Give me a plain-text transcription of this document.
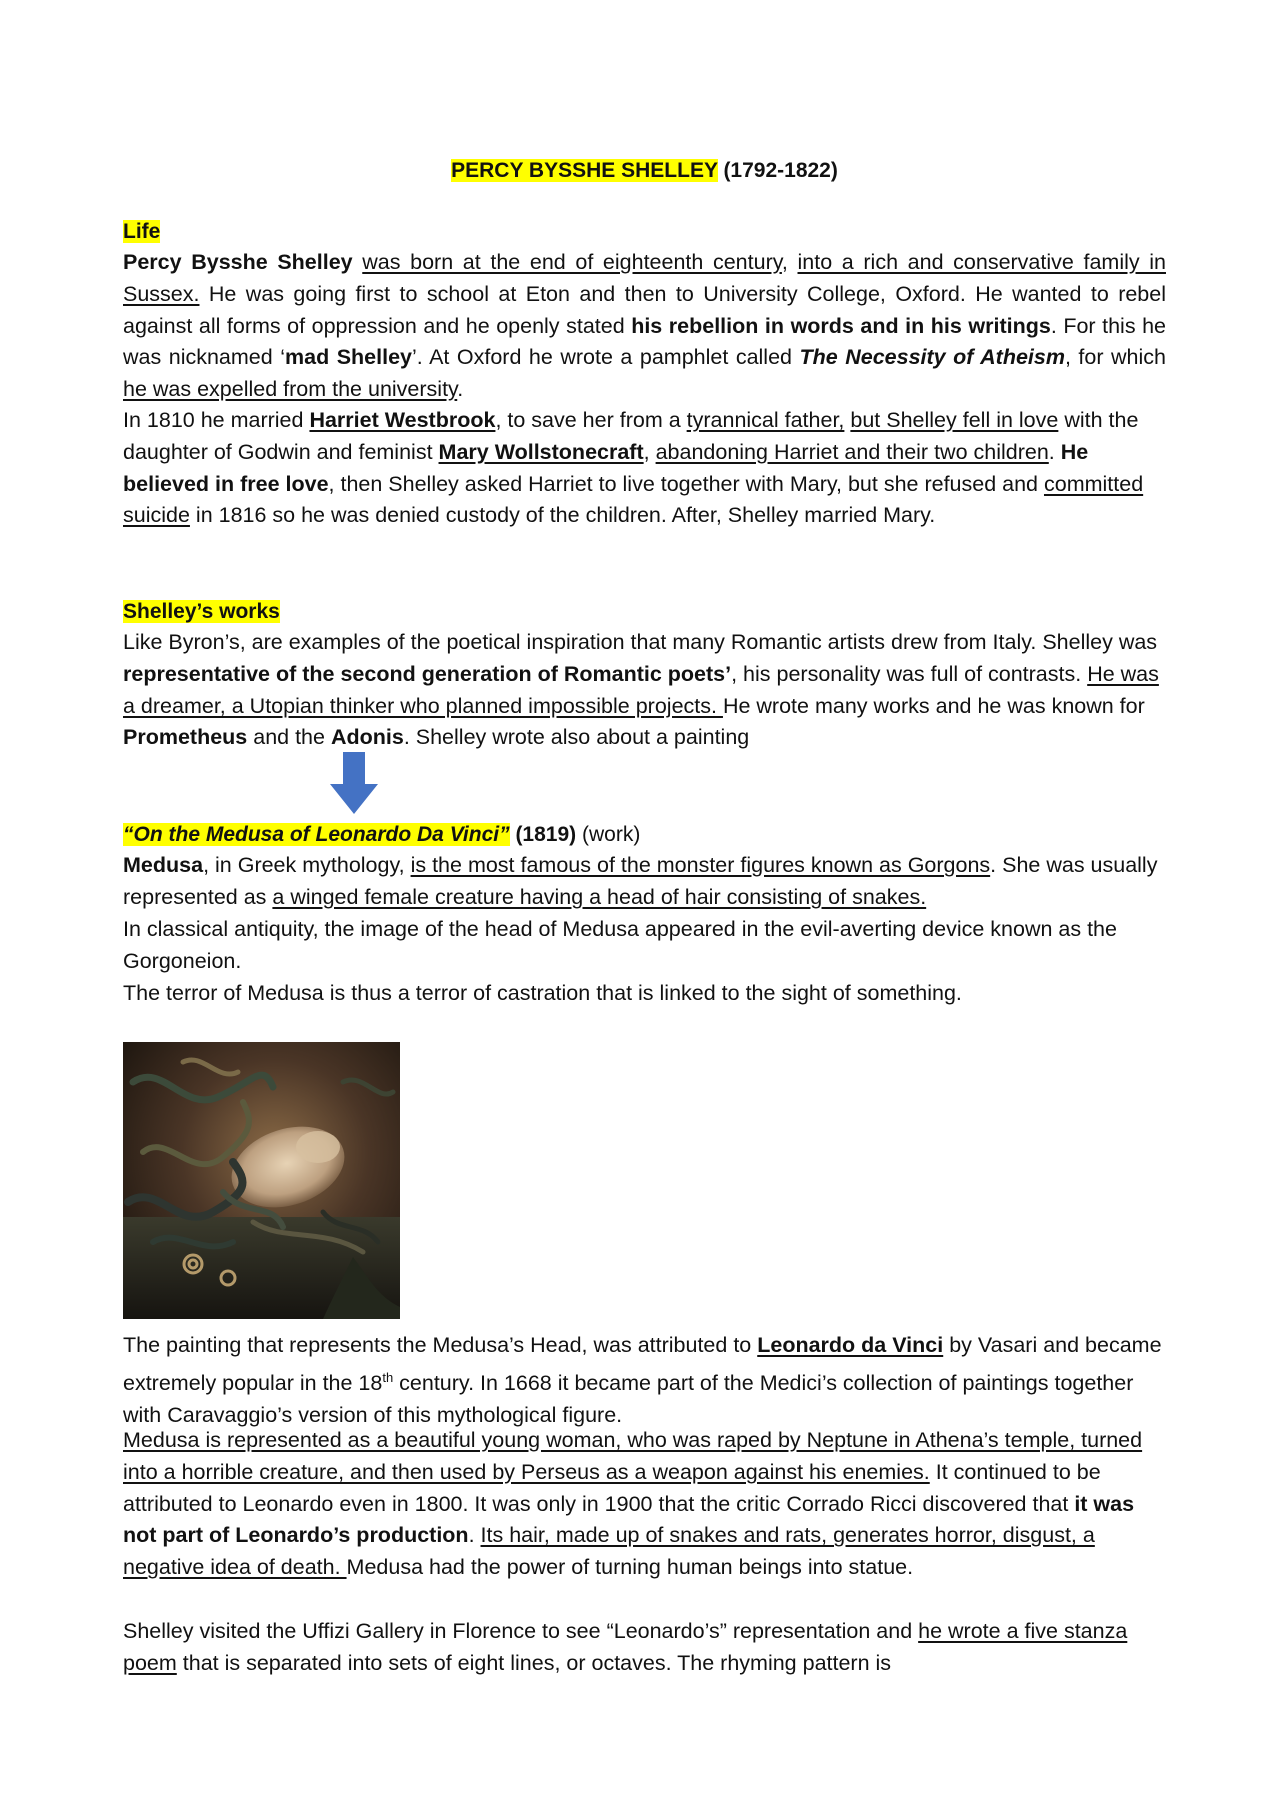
PERCY BYSSHE SHELLEY (1792-1822)
Life

Percy Bysshe Shelley was born at the end of eighteenth century, into a rich and conservative family in Sussex. He was going first to school at Eton and then to University College, Oxford. He wanted to rebel against all forms of oppression and he openly stated his rebellion in words and in his writings. For this he was nicknamed ‘mad Shelley’. At Oxford he wrote a pamphlet called The Necessity of Atheism, for which he was expelled from the university.

In 1810 he married Harriet Westbrook, to save her from a tyrannical father, but Shelley fell in love with the daughter of Godwin and feminist Mary Wollstonecraft, abandoning Harriet and their two children. He believed in free love, then Shelley asked Harriet to live together with Mary, but she refused and committed suicide in 1816 so he was denied custody of the children. After, Shelley married Mary.

Shelley’s works

Like Byron’s, are examples of the poetical inspiration that many Romantic artists drew from Italy. Shelley was representative of the second generation of Romantic poets’, his personality was full of contrasts. He was a dreamer, a Utopian thinker who planned impossible projects. He wrote many works and he was known for Prometheus and the Adonis. Shelley wrote also about a painting

“On the Medusa of Leonardo Da Vinci” (1819) (work)

Medusa, in Greek mythology, is the most famous of the monster figures known as Gorgons. She was usually represented as a winged female creature having a head of hair consisting of snakes.

In classical antiquity, the image of the head of Medusa appeared in the evil-averting device known as the Gorgoneion.

The terror of Medusa is thus a terror of castration that is linked to the sight of something.

The painting that represents the Medusa’s Head, was attributed to Leonardo da Vinci by Vasari and became extremely popular in the 18th century. In 1668 it became part of the Medici’s collection of paintings together with Caravaggio’s version of this mythological figure.

Medusa is represented as a beautiful young woman, who was raped by Neptune in Athena’s temple, turned into a horrible creature, and then used by Perseus as a weapon against his enemies. It continued to be attributed to Leonardo even in 1800. It was only in 1900 that the critic Corrado Ricci discovered that it was not part of Leonardo’s production. Its hair, made up of snakes and rats, generates horror, disgust, a negative idea of death. Medusa had the power of turning human beings into statue.

Shelley visited the Uffizi Gallery in Florence to see “Leonardo’s” representation and he wrote a five stanza poem that is separated into sets of eight lines, or octaves. The rhyming pattern is
